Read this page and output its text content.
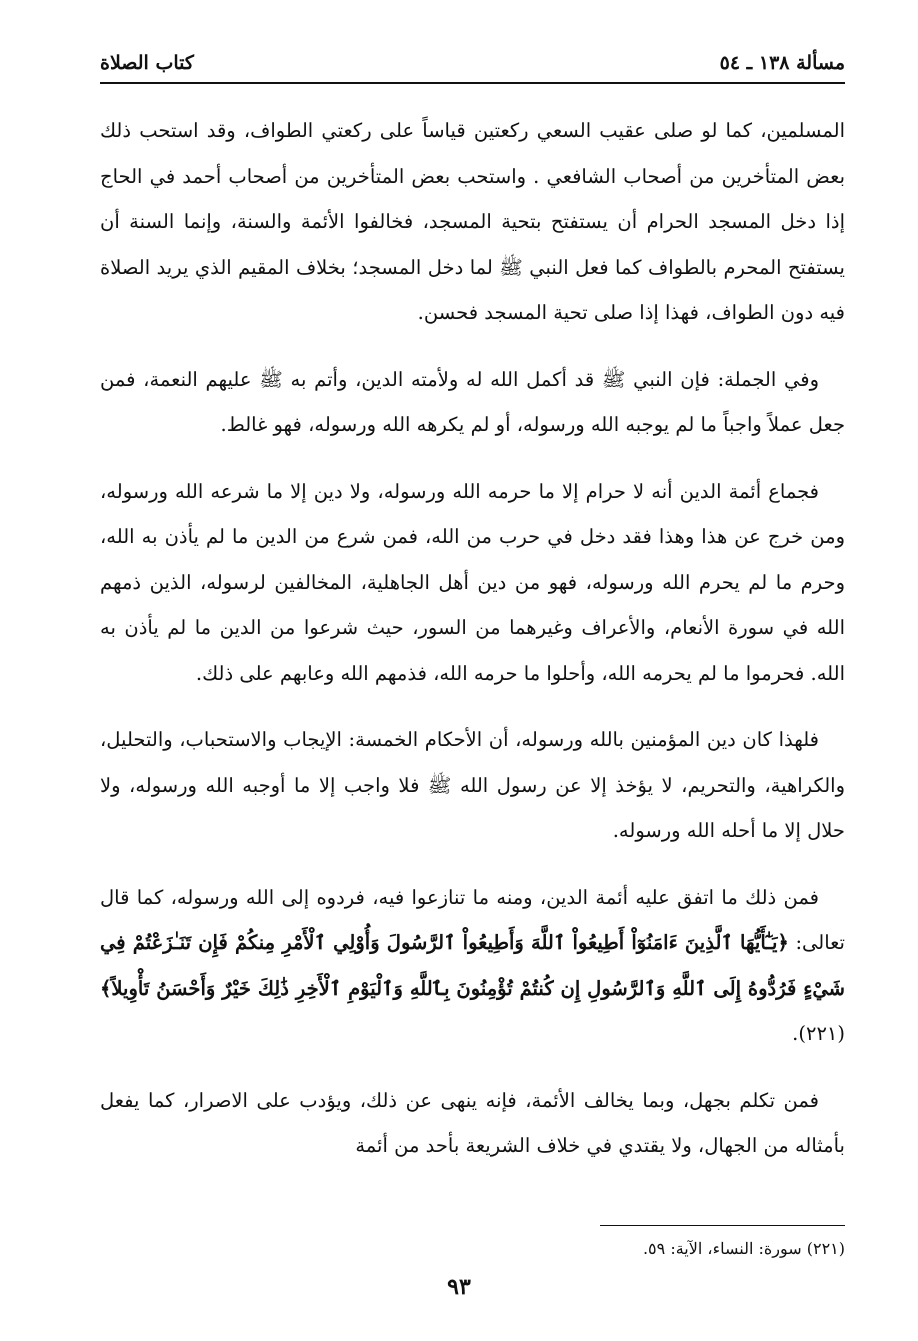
مسألة ١٣٨ ـ ٥٤
كتاب الصلاة

المسلمين، كما لو صلى عقيب السعي ركعتين قياساً على ركعتي الطواف، وقد استحب ذلك بعض المتأخرين من أصحاب الشافعي . واستحب بعض المتأخرين من أصحاب أحمد في الحاج إذا دخل المسجد الحرام أن يستفتح بتحية المسجد، فخالفوا الأئمة والسنة، وإنما السنة أن يستفتح المحرم بالطواف كما فعل النبي ﷺ لما دخل المسجد؛ بخلاف المقيم الذي يريد الصلاة فيه دون الطواف، فهذا إذا صلى تحية المسجد فحسن.

وفي الجملة: فإن النبي ﷺ قد أكمل الله له ولأمته الدين، وأتم به ﷺ عليهم النعمة، فمن جعل عملاً واجباً ما لم يوجبه الله ورسوله، أو لم يكرهه الله ورسوله، فهو غالط.

فجماع أئمة الدين أنه لا حرام إلا ما حرمه الله ورسوله، ولا دين إلا ما شرعه الله ورسوله، ومن خرج عن هذا وهذا فقد دخل في حرب من الله، فمن شرع من الدين ما لم يأذن به الله، وحرم ما لم يحرم الله ورسوله، فهو من دين أهل الجاهلية، المخالفين لرسوله، الذين ذمهم الله في سورة الأنعام، والأعراف وغيرهما من السور، حيث شرعوا من الدين ما لم يأذن به الله. فحرموا ما لم يحرمه الله، وأحلوا ما حرمه الله، فذمهم الله وعابهم على ذلك.

فلهذا كان دين المؤمنين بالله ورسوله، أن الأحكام الخمسة: الإيجاب والاستحباب، والتحليل، والكراهية، والتحريم، لا يؤخذ إلا عن رسول الله ﷺ فلا واجب إلا ما أوجبه الله ورسوله، ولا حلال إلا ما أحله الله ورسوله.

فمن ذلك ما اتفق عليه أئمة الدين، ومنه ما تنازعوا فيه، فردوه إلى الله ورسوله، كما قال تعالى: ﴿يَـٰٓأَيُّهَا ٱلَّذِينَ ءَامَنُوٓاْ أَطِيعُواْ ٱللَّهَ وَأَطِيعُواْ ٱلرَّسُولَ وَأُوْلِي ٱلْأَمْرِ مِنكُمْ فَإِن تَنَـٰزَعْتُمْ فِي شَيْءٍ فَرُدُّوهُ إِلَى ٱللَّهِ وَٱلرَّسُولِ إِن كُنتُمْ تُؤْمِنُونَ بِٱللَّهِ وَٱلْيَوْمِ ٱلْأَخِرِ ذَٰلِكَ خَيْرٌ وَأَحْسَنُ تَأْوِيلاً﴾(٢٢١).

فمن تكلم بجهل، وبما يخالف الأئمة، فإنه ينهى عن ذلك، ويؤدب على الاصرار، كما يفعل بأمثاله من الجهال، ولا يقتدي في خلاف الشريعة بأحد من أئمة

(٢٢١) سورة: النساء، الآية: ٥٩.
٩٣
